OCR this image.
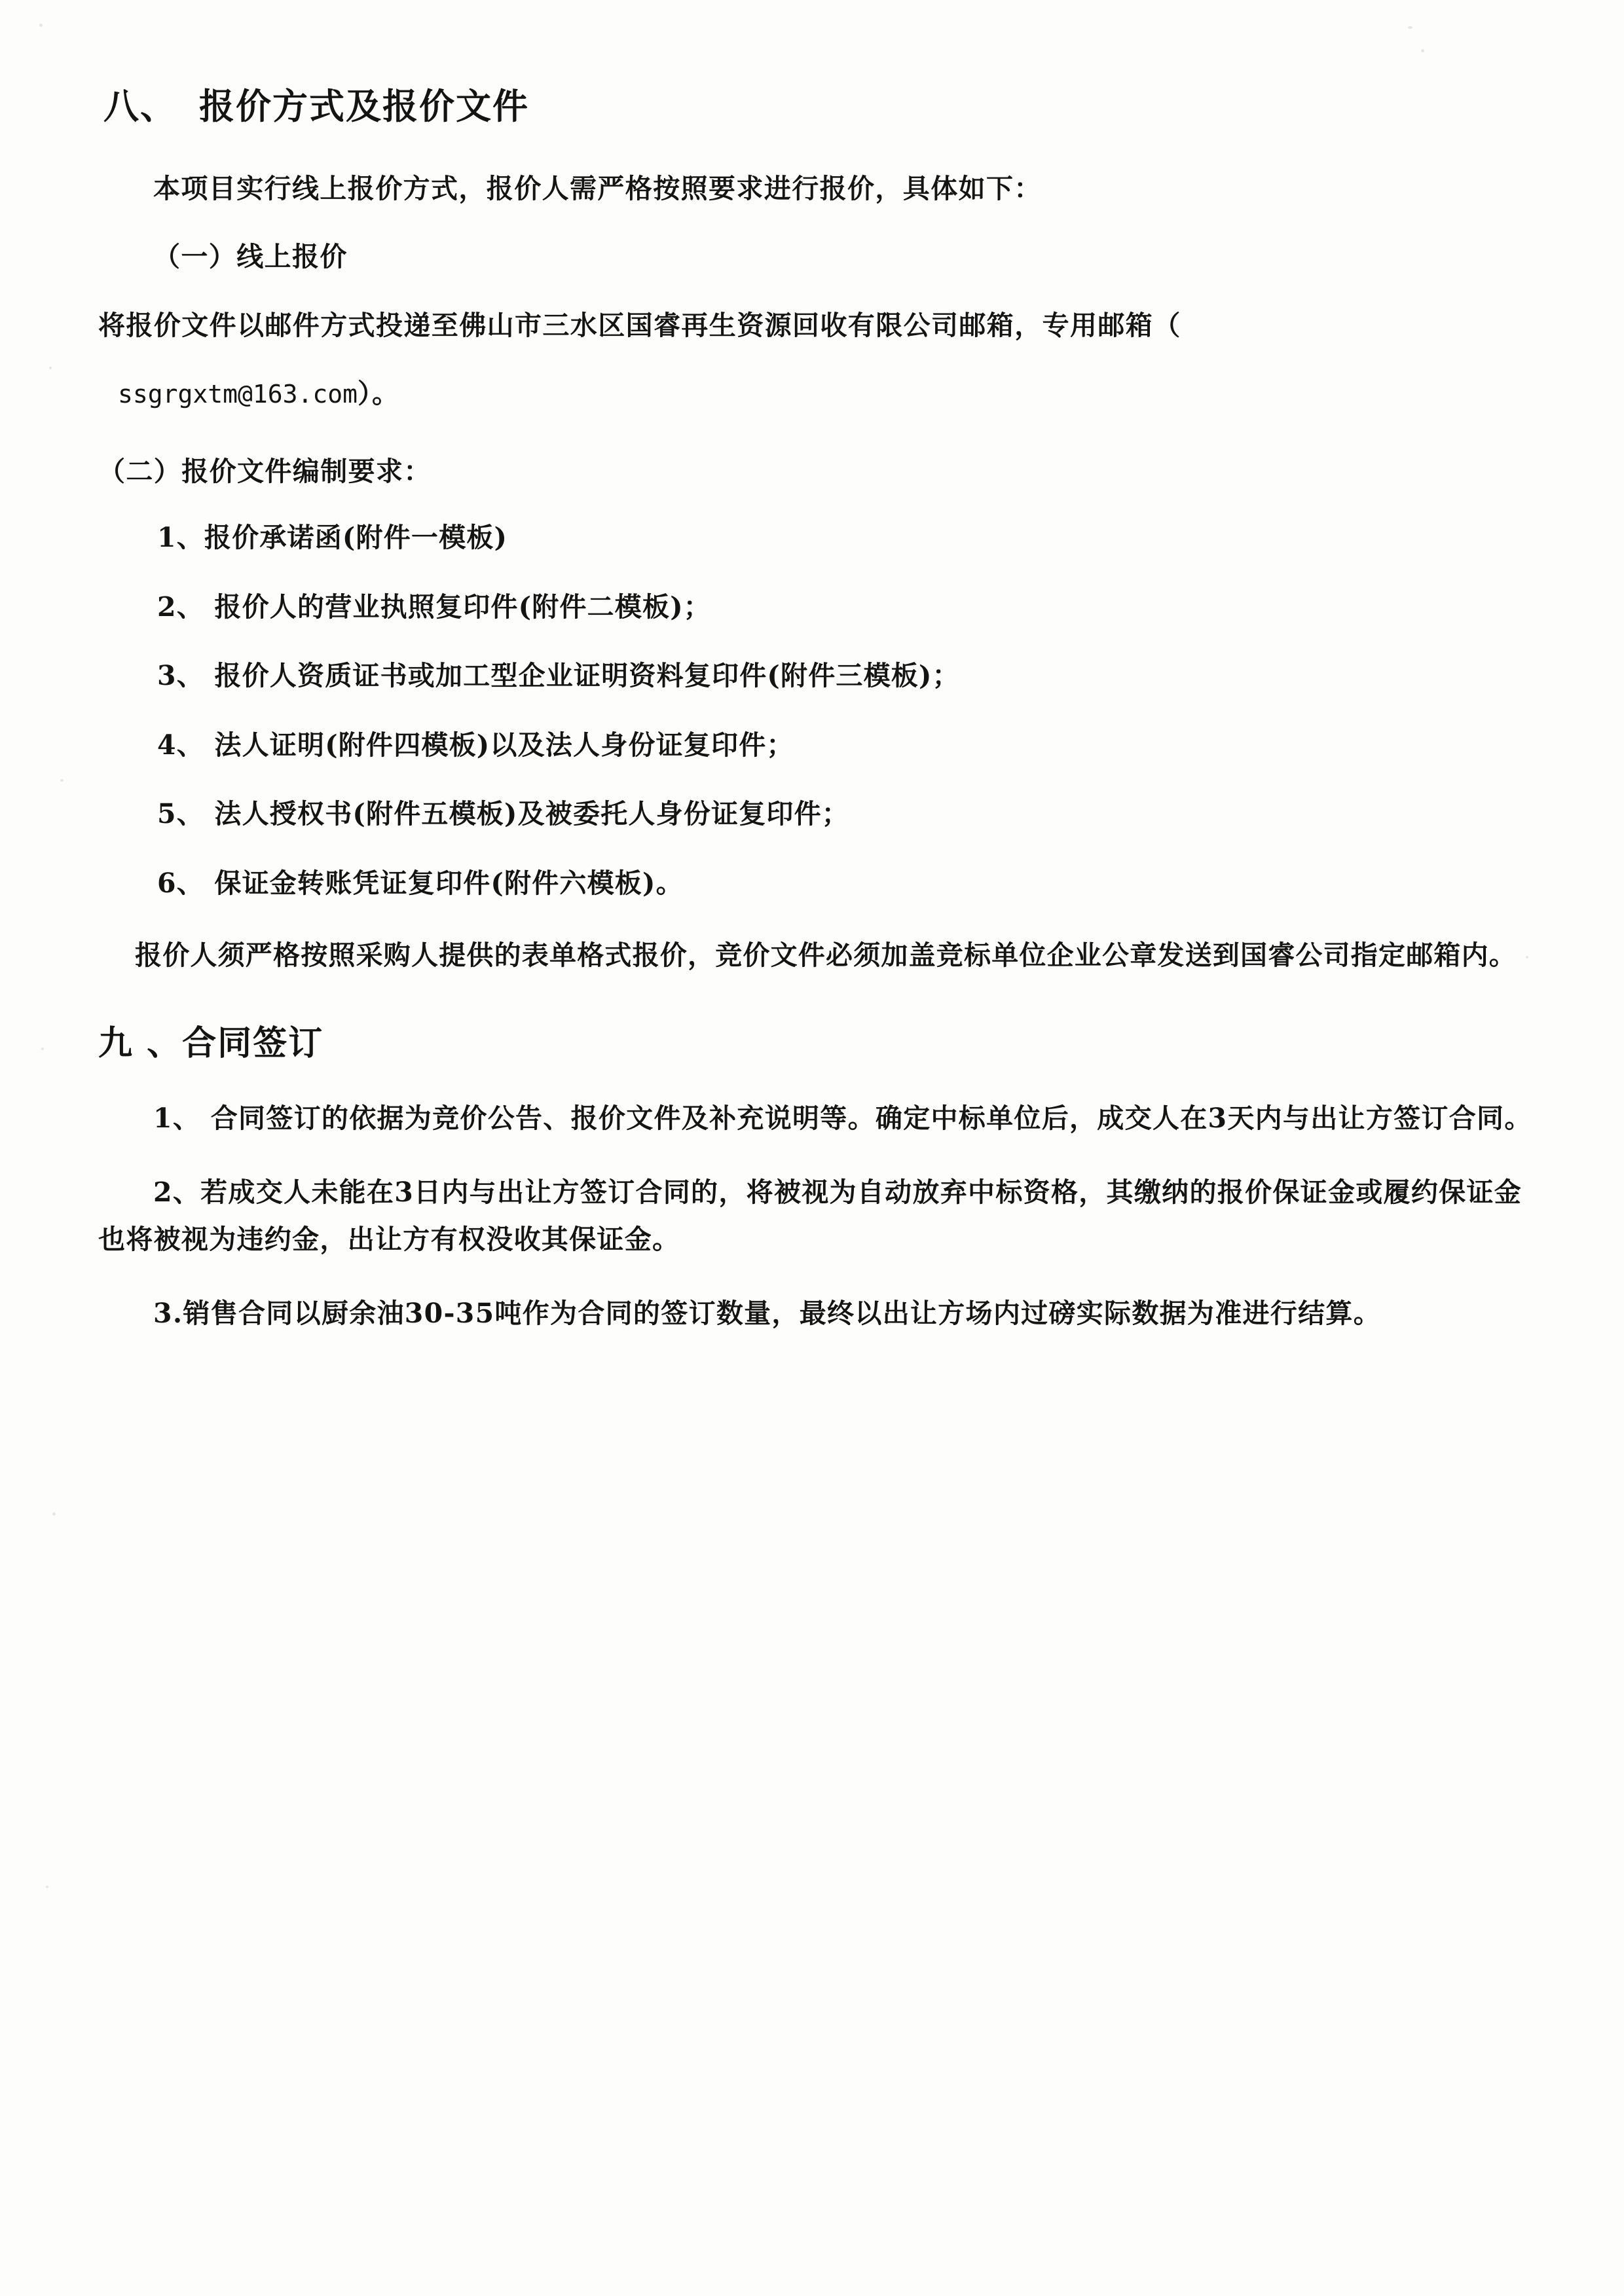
八、 报价方式及报价文件

本项目实行线上报价方式，报价人需严格按照要求进行报价，具体如下：

（一）线上报价

将报价文件以邮件方式投递至佛山市三水区国睿再生资源回收有限公司邮箱，专用邮箱（

ssgrgxtm@163.com）。

（二）报价文件编制要求：

1、报价承诺函(附件一模板)

2、 报价人的营业执照复印件(附件二模板)；

3、 报价人资质证书或加工型企业证明资料复印件(附件三模板)；

4、 法人证明(附件四模板)以及法人身份证复印件；

5、 法人授权书(附件五模板)及被委托人身份证复印件；

6、 保证金转账凭证复印件(附件六模板)。

报价人须严格按照采购人提供的表单格式报价，竞价文件必须加盖竞标单位企业公章发送到国睿公司指定邮箱内。

九 、合同签订

1、 合同签订的依据为竞价公告、报价文件及补充说明等。确定中标单位后，成交人在3天内与出让方签订合同。

2、若成交人未能在3日内与出让方签订合同的，将被视为自动放弃中标资格，其缴纳的报价保证金或履约保证金也将被视为违约金，出让方有权没收其保证金。

3.销售合同以厨余油30-35吨作为合同的签订数量，最终以出让方场内过磅实际数据为准进行结算。
